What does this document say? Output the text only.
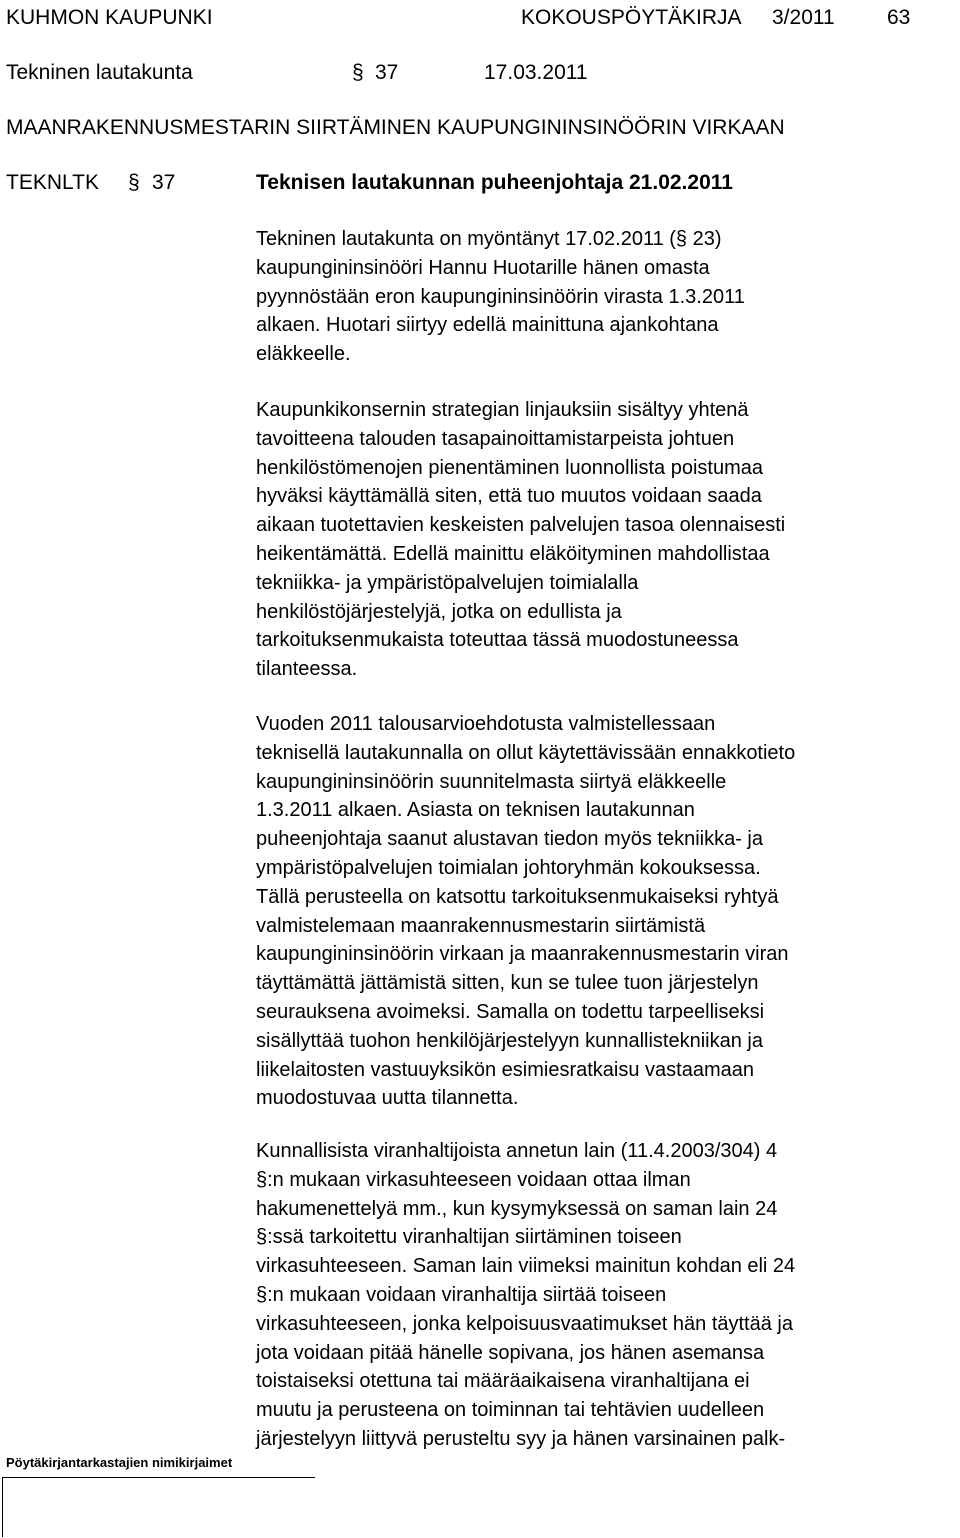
KUHMON KAUPUNKI	KOKOUSPÖYTÄKIRJA 3/2011 63
Tekninen lautakunta	§ 37	17.03.2011
MAANRAKENNUSMESTARIN SIIRTÄMINEN KAUPUNGININSINÖÖRIN VIRKAAN
TEKNLTK § 37	Teknisen lautakunnan puheenjohtaja 21.02.2011
Tekninen lautakunta on myöntänyt 17.02.2011 (§ 23)
kaupungininsinööri Hannu Huotarille hänen omasta
pyynnöstään eron kaupungininsinöörin virasta 1.3.2011
alkaen. Huotari siirtyy edellä mainittuna ajankohtana
eläkkeelle.
Kaupunkikonsernin strategian linjauksiin sisältyy yhtenä
tavoitteena talouden tasapainoittamistarpeista johtuen
henkilöstömenojen pienentäminen luonnollista poistumaa
hyväksi käyttämällä siten, että tuo muutos voidaan saada
aikaan tuotettavien keskeisten palvelujen tasoa olennaisesti
heikentämättä. Edellä mainittu eläköityminen mahdollistaa
tekniikka- ja ympäristöpalvelujen toimialalla
henkilöstöjärjestelyjä, jotka on edullista ja
tarkoituksenmukaista toteuttaa tässä muodostuneessa
tilanteessa.
Vuoden 2011 talousarvioehdotusta valmistellessaan
teknisellä lautakunnalla on ollut käytettävissään ennakkotieto
kaupungininsinöörin suunnitelmasta siirtyä eläkkeelle
1.3.2011 alkaen. Asiasta on teknisen lautakunnan
puheenjohtaja saanut alustavan tiedon myös tekniikka- ja
ympäristöpalvelujen toimialan johtoryhmän kokouksessa.
Tällä perusteella on katsottu tarkoituksenmukaiseksi ryhtyä
valmistelemaan maanrakennusmestarin siirtämistä
kaupungininsinöörin virkaan ja maanrakennusmestarin viran
täyttämättä jättämistä sitten, kun se tulee tuon järjestelyn
seurauksena avoimeksi. Samalla on todettu tarpeelliseksi
sisällyttää tuohon henkilöjärjestelyyn kunnallistekniikan ja
liikelaitosten vastuuyksikön esimiesratkaisu vastaamaan
muodostuvaa uutta tilannetta.
Kunnallisista viranhaltijoista annetun lain (11.4.2003/304) 4
§:n mukaan virkasuhteeseen voidaan ottaa ilman
hakumenettelyä mm., kun kysymyksessä on saman lain 24
§:ssä tarkoitettu viranhaltijan siirtäminen toiseen
virkasuhteeseen. Saman lain viimeksi mainitun kohdan eli 24
§:n mukaan voidaan viranhaltija siirtää toiseen
virkasuhteeseen, jonka kelpoisuusvaatimukset hän täyttää ja
jota voidaan pitää hänelle sopivana, jos hänen asemansa
toistaiseksi otettuna tai määräaikaisena viranhaltijana ei
muutu ja perusteena on toiminnan tai tehtävien uudelleen
järjestelyyn liittyvä perusteltu syy ja hänen varsinainen palk-
Pöytäkirjantarkastajien nimikirjaimet
